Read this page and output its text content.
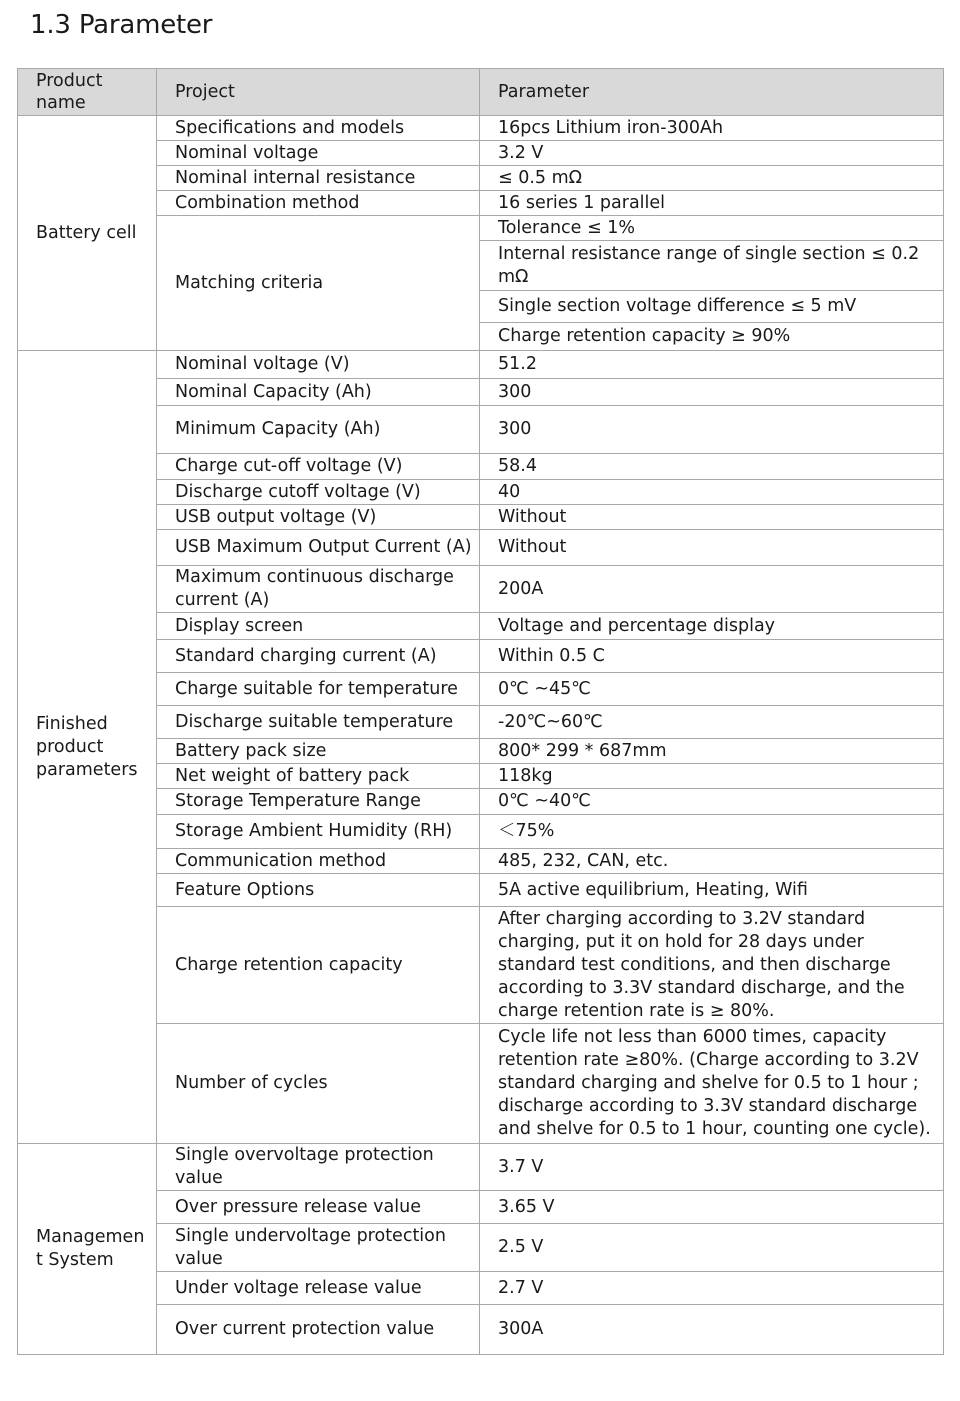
1.3 Parameter
Product name	Project	Parameter
Battery cell	Specifications and models	16pcs Lithium iron-300Ah
	Nominal voltage	3.2 V
	Nominal internal resistance	≤ 0.5 mΩ
	Combination method	16 series 1 parallel
	Matching criteria	Tolerance ≤ 1%
		Internal resistance range of single section ≤ 0.2 mΩ
		Single section voltage difference ≤ 5 mV
		Charge retention capacity ≥ 90%
Finished product parameters	Nominal voltage (V)	51.2
	Nominal Capacity (Ah)	300
	Minimum Capacity (Ah)	300
	Charge cut-off voltage (V)	58.4
	Discharge cutoff voltage (V)	40
	USB output voltage (V)	Without
	USB Maximum Output Current (A)	Without
	Maximum continuous discharge current (A)	200A
	Display screen	Voltage and percentage display
	Standard charging current (A)	Within 0.5 C
	Charge suitable for temperature	0℃ ~45℃
	Discharge suitable temperature	-20℃~60℃
	Battery pack size	800* 299 * 687mm
	Net weight of battery pack	118kg
	Storage Temperature Range	0℃ ~40℃
	Storage Ambient Humidity (RH)	＜75%
	Communication method	485, 232, CAN, etc.
	Feature Options	5A active equilibrium, Heating, Wifi
	Charge retention capacity	After charging according to 3.2V standard charging, put it on hold for 28 days under standard test conditions, and then discharge according to 3.3V standard discharge, and the charge retention rate is ≥ 80%.
	Number of cycles	Cycle life not less than 6000 times, capacity retention rate ≥80%. (Charge according to 3.2V standard charging and shelve for 0.5 to 1 hour ; discharge according to 3.3V standard discharge and shelve for 0.5 to 1 hour, counting one cycle).
Managemen t System	Single overvoltage protection value	3.7 V
	Over pressure release value	3.65 V
	Single undervoltage protection value	2.5 V
	Under voltage release value	2.7 V
	Over current protection value	300A
